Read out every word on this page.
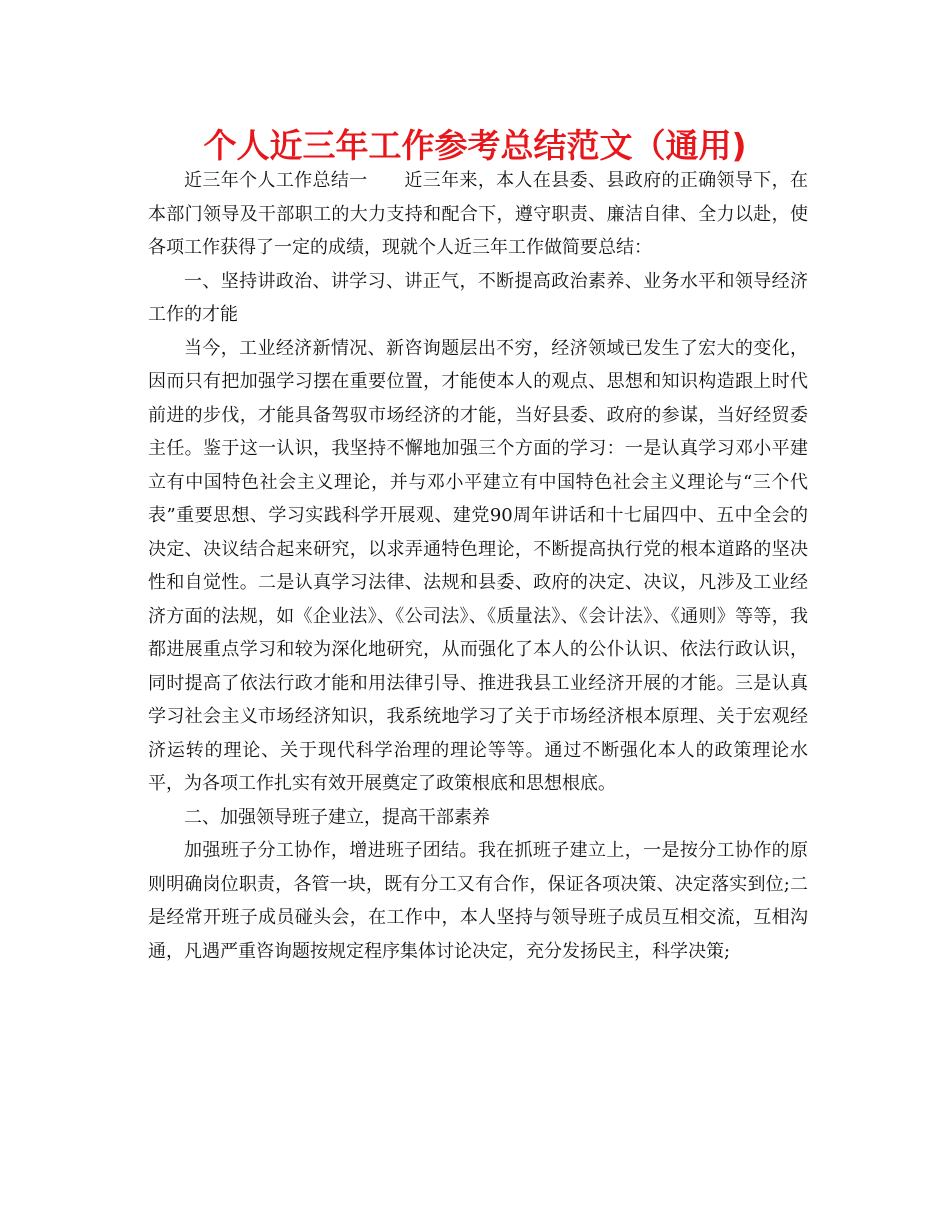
个人近三年工作参考总结范文（通用)

近三年个人工作总结一　　近三年来，本人在县委、县政府的正确领导下，在本部门领导及干部职工的大力支持和配合下，遵守职责、廉洁自律、全力以赴，使各项工作获得了一定的成绩，现就个人近三年工作做简要总结：

一、坚持讲政治、讲学习、讲正气，不断提高政治素养、业务水平和领导经济工作的才能

当今，工业经济新情况、新咨询题层出不穷，经济领域已发生了宏大的变化，因而只有把加强学习摆在重要位置，才能使本人的观点、思想和知识构造跟上时代前进的步伐，才能具备驾驭市场经济的才能，当好县委、政府的参谋，当好经贸委主任。鉴于这一认识，我坚持不懈地加强三个方面的学习：一是认真学习邓小平建立有中国特色社会主义理论，并与邓小平建立有中国特色社会主义理论与“三个代表”重要思想、学习实践科学开展观、建党90周年讲话和十七届四中、五中全会的决定、决议结合起来研究，以求弄通特色理论，不断提高执行党的根本道路的坚决性和自觉性。二是认真学习法律、法规和县委、政府的决定、决议，凡涉及工业经济方面的法规，如《企业法》、《公司法》、《质量法》、《会计法》、《通则》等等，我都进展重点学习和较为深化地研究，从而强化了本人的公仆认识、依法行政认识，同时提高了依法行政才能和用法律引导、推进我县工业经济开展的才能。三是认真学习社会主义市场经济知识，我系统地学习了关于市场经济根本原理、关于宏观经济运转的理论、关于现代科学治理的理论等等。通过不断强化本人的政策理论水平，为各项工作扎实有效开展奠定了政策根底和思想根底。

二、加强领导班子建立，提高干部素养

加强班子分工协作，增进班子团结。我在抓班子建立上，一是按分工协作的原则明确岗位职责，各管一块，既有分工又有合作，保证各项决策、决定落实到位;二是经常开班子成员碰头会，在工作中，本人坚持与领导班子成员互相交流，互相沟通，凡遇严重咨询题按规定程序集体讨论决定，充分发扬民主，科学决策;
